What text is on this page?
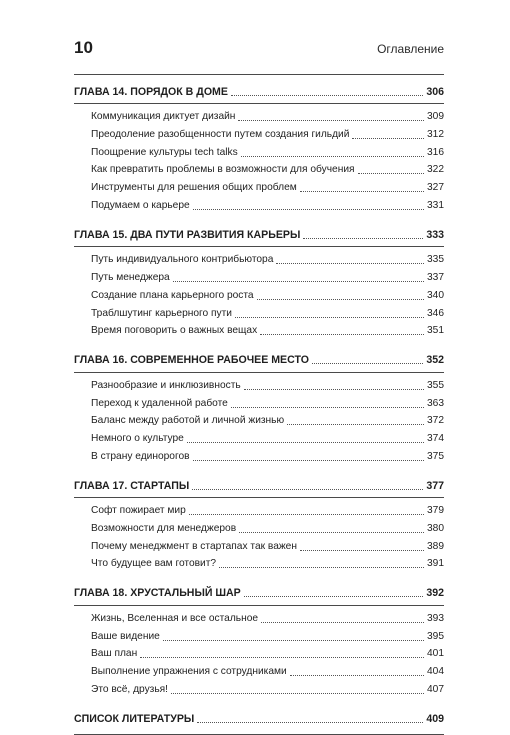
10	Оглавление
ГЛАВА 14. ПОРЯДОК В ДОМЕ	306
Коммуникация диктует дизайн	309
Преодоление разобщенности путем создания гильдий	312
Поощрение культуры tech talks	316
Как превратить проблемы в возможности для обучения	322
Инструменты для решения общих проблем	327
Подумаем о карьере	331
ГЛАВА 15. ДВА ПУТИ РАЗВИТИЯ КАРЬЕРЫ	333
Путь индивидуального контрибьютора	335
Путь менеджера	337
Создание плана карьерного роста	340
Траблшутинг карьерного пути	346
Время поговорить о важных вещах	351
ГЛАВА 16. СОВРЕМЕННОЕ РАБОЧЕЕ МЕСТО	352
Разнообразие и инклюзивность	355
Переход к удаленной работе	363
Баланс между работой и личной жизнью	372
Немного о культуре	374
В страну единорогов	375
ГЛАВА 17. СТАРТАПЫ	377
Софт пожирает мир	379
Возможности для менеджеров	380
Почему менеджмент в стартапах так важен	389
Что будущее вам готовит?	391
ГЛАВА 18. ХРУСТАЛЬНЫЙ ШАР	392
Жизнь, Вселенная и все остальное	393
Ваше видение	395
Ваш план	401
Выполнение упражнения с сотрудниками	404
Это всё, друзья!	407
СПИСОК ЛИТЕРАТУРЫ	409
